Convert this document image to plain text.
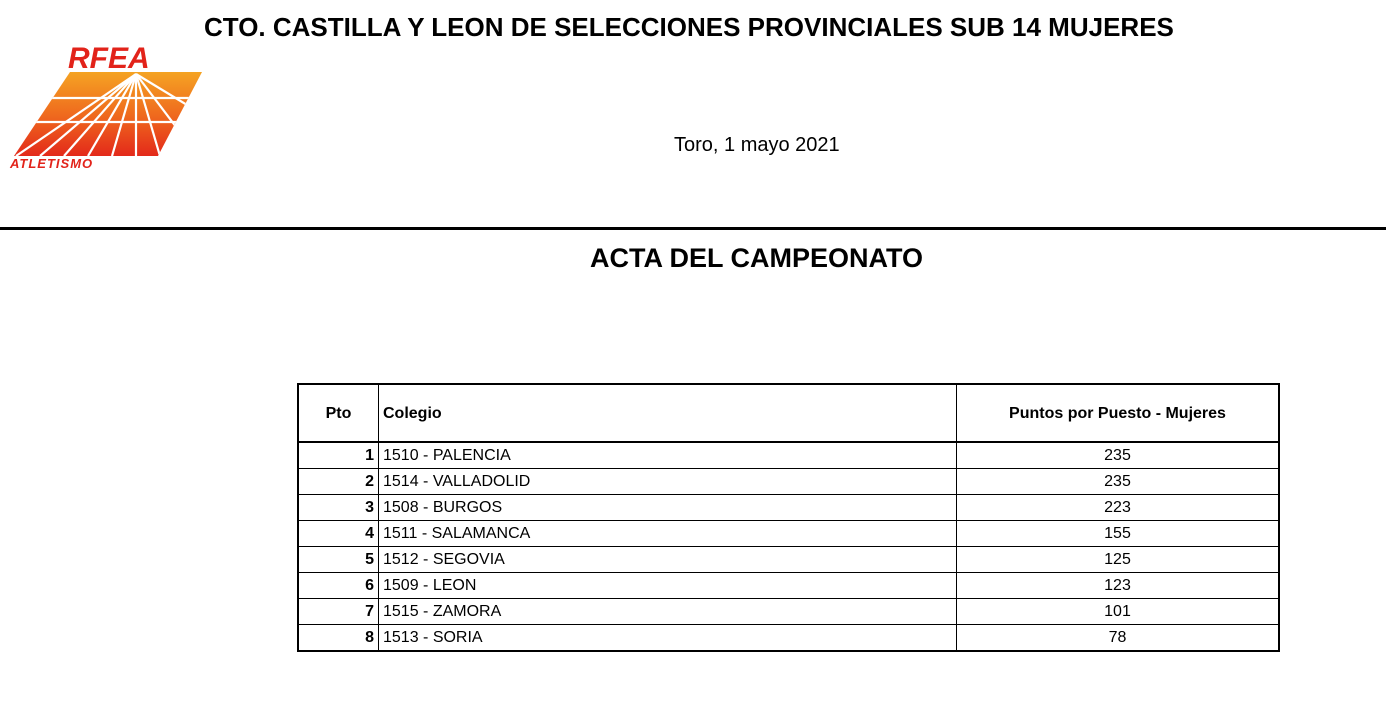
CTO. CASTILLA Y LEON DE SELECCIONES PROVINCIALES SUB 14 MUJERES
RFEA
ATLETISMO
Toro, 1 mayo 2021
ACTA DEL CAMPEONATO
Pto	Colegio	Puntos por Puesto - Mujeres
1	1510 - PALENCIA	235
2	1514 - VALLADOLID	235
3	1508 - BURGOS	223
4	1511 - SALAMANCA	155
5	1512 - SEGOVIA	125
6	1509 - LEON	123
7	1515 - ZAMORA	101
8	1513 - SORIA	78
